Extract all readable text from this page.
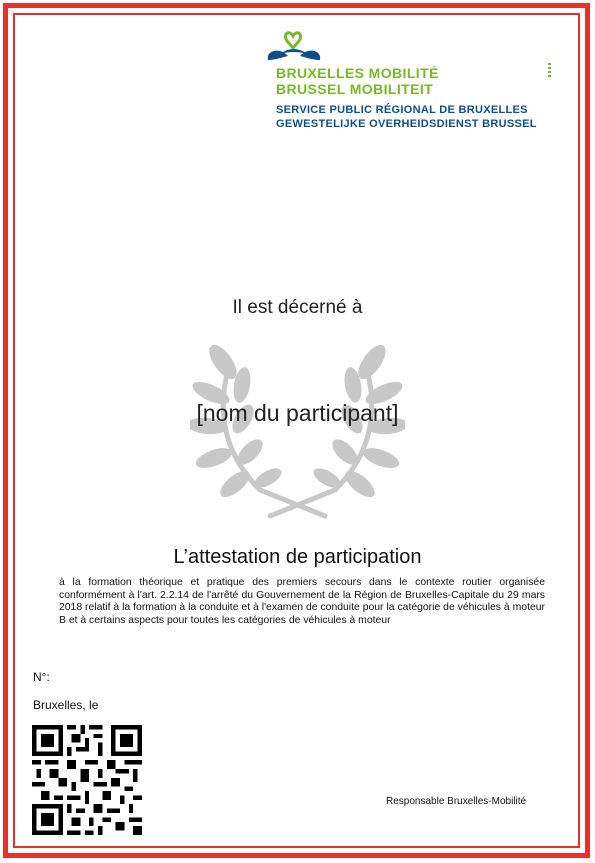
BRUXELLES MOBILITÉ
BRUSSEL MOBILITEIT
SERVICE PUBLIC RÉGIONAL DE BRUXELLES
GEWESTELIJKE OVERHEIDSDIENST BRUSSEL
Il est décerné à
[nom du participant]
L’attestation de participation
à la formation théorique et pratique des premiers secours dans le contexte routier organisée conformément à l'art. 2.2.14 de l'arrêté du Gouvernement de la Région de Bruxelles-Capitale du 29 mars 2018 relatif à la formation à la conduite et à l'examen de conduite pour la catégorie de véhicules à moteur B et à certains aspects pour toutes les catégories de véhicules à moteur
N°:
Bruxelles, le
Responsable Bruxelles-Mobilité
